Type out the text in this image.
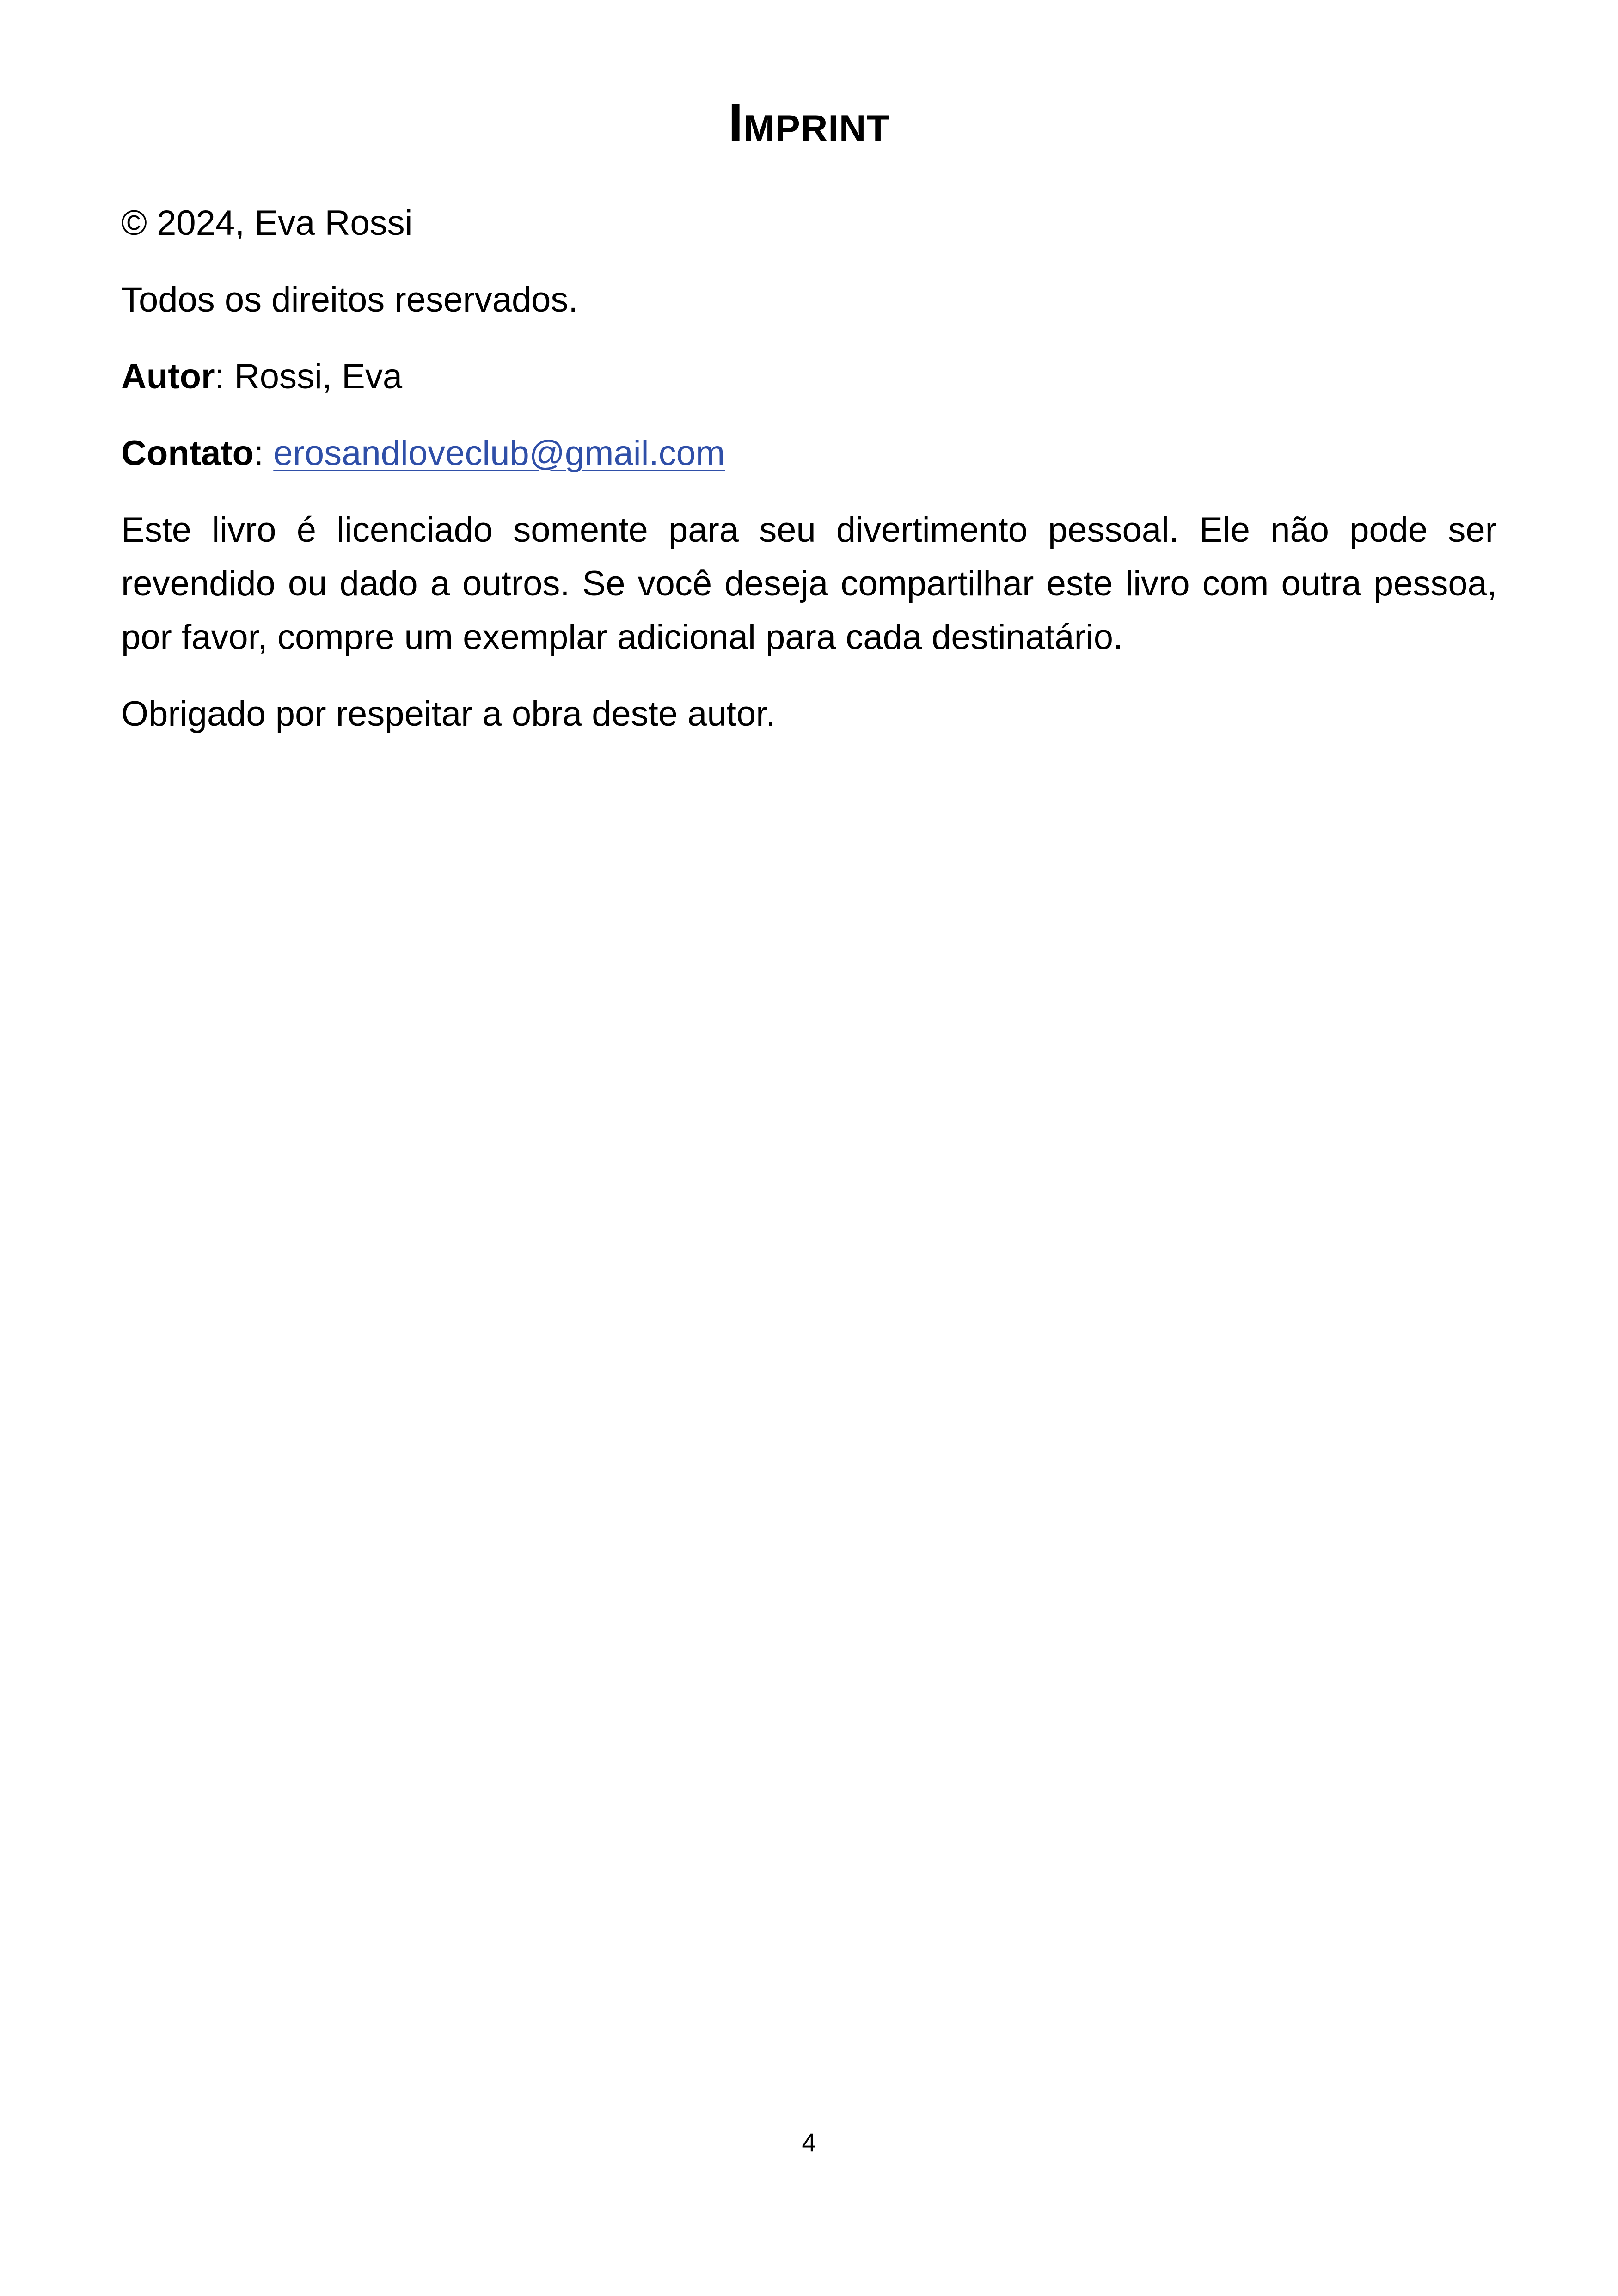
Imprint

© 2024, Eva Rossi

Todos os direitos reservados.

Autor: Rossi, Eva

Contato: erosandloveclub@gmail.com

Este livro é licenciado somente para seu divertimento pessoal. Ele não pode ser revendido ou dado a outros. Se você deseja compartilhar este livro com outra pessoa, por favor, compre um exemplar adicional para cada destinatário.

Obrigado por respeitar a obra deste autor.

4
